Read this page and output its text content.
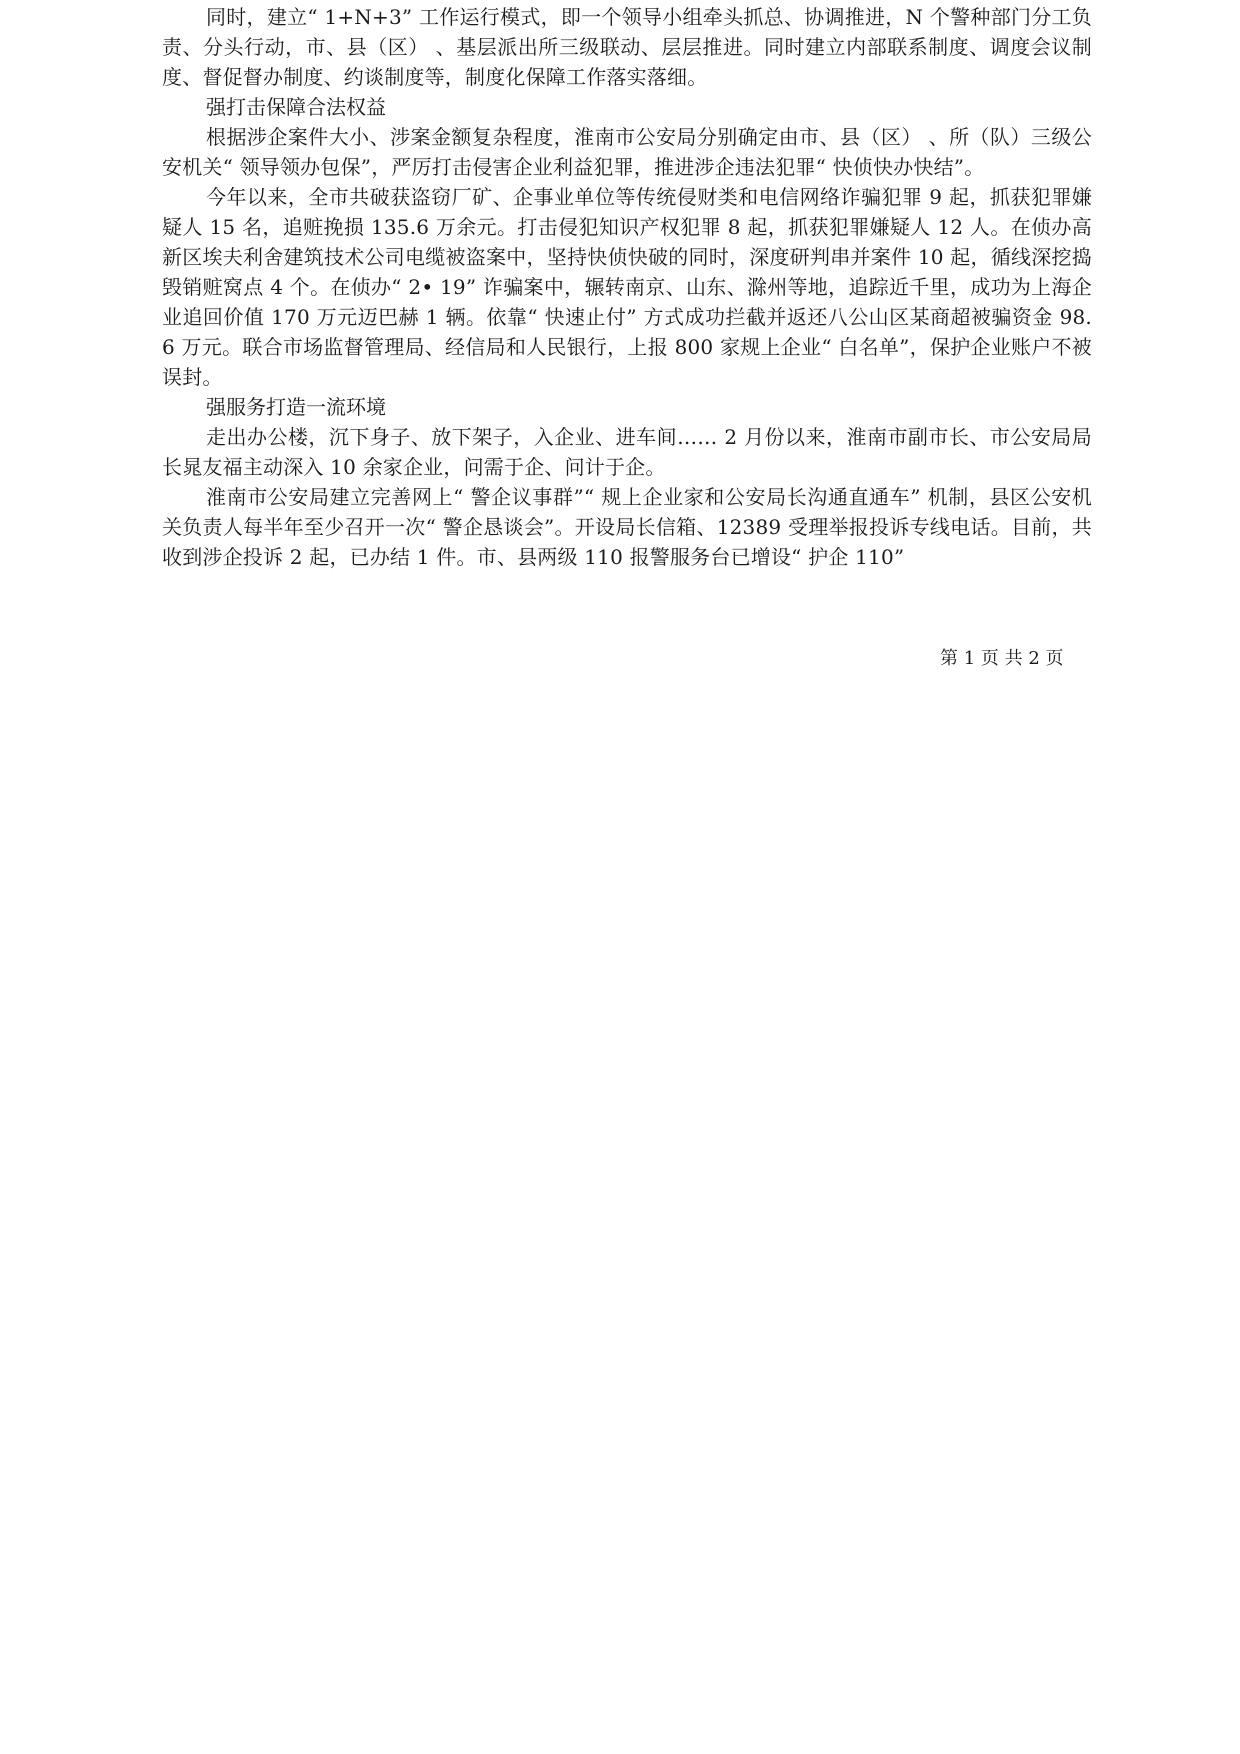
同时，建立“ 1+N+3” 工作运行模式，即一个领导小组牵头抓总、协调推进，N 个警种部门分工负责、分头行动，市、县（区） 、基层派出所三级联动、层层推进。同时建立内部联系制度、调度会议制度、督促督办制度、约谈制度等，制度化保障工作落实落细。

强打击保障合法权益

根据涉企案件大小、涉案金额复杂程度，淮南市公安局分别确定由市、县（区） 、所（队）三级公安机关“ 领导领办包保”，严厉打击侵害企业利益犯罪，推进涉企违法犯罪“ 快侦快办快结”。

今年以来，全市共破获盗窃厂矿、企事业单位等传统侵财类和电信网络诈骗犯罪 9 起，抓获犯罪嫌疑人 15 名，追赃挽损 135.6 万余元。打击侵犯知识产权犯罪 8 起，抓获犯罪嫌疑人 12 人。在侦办高新区埃夫利舍建筑技术公司电缆被盗案中，坚持快侦快破的同时，深度研判串并案件 10 起，循线深挖捣毁销赃窝点 4 个。在侦办“ 2• 19” 诈骗案中，辗转南京、山东、滁州等地，追踪近千里，成功为上海企业追回价值 170 万元迈巴赫 1 辆。依靠“ 快速止付” 方式成功拦截并返还八公山区某商超被骗资金 98.6 万元。联合市场监督管理局、经信局和人民银行，上报 800 家规上企业“ 白名单”，保护企业账户不被误封。

强服务打造一流环境

走出办公楼，沉下身子、放下架子，入企业、进车间…… 2 月份以来，淮南市副市长、市公安局局长晁友福主动深入 10 余家企业，问需于企、问计于企。

淮南市公安局建立完善网上“ 警企议事群”“ 规上企业家和公安局长沟通直通车” 机制，县区公安机关负责人每半年至少召开一次“ 警企恳谈会”。开设局长信箱、12389 受理举报投诉专线电话。目前，共收到涉企投诉 2 起，已办结 1 件。市、县两级 110 报警服务台已增设“ 护企 110”

第 1 页 共 2 页
